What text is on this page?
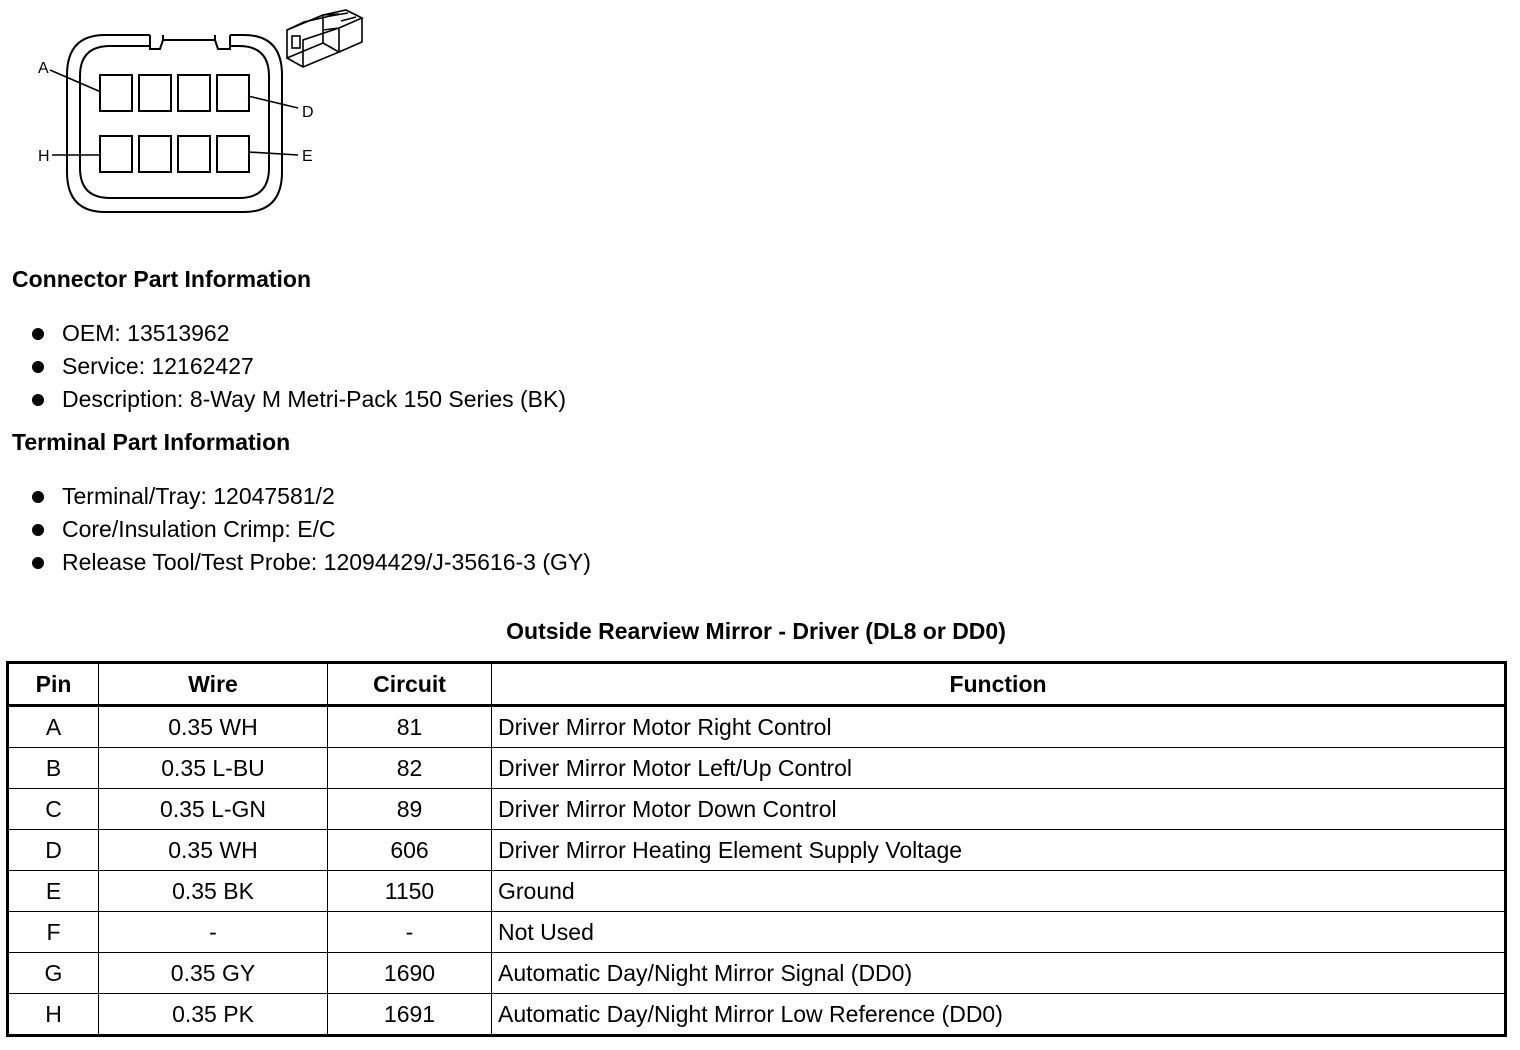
A
D
H	E
Connector Part Information
OEM: 13513962
Service: 12162427
Description: 8-Way M Metri-Pack 150 Series (BK)
Terminal Part Information
Terminal/Tray: 12047581/2
Core/Insulation Crimp: E/C
Release Tool/Test Probe: 12094429/J-35616-3 (GY)
Outside Rearview Mirror - Driver (DL8 or DD0)
Pin	Wire	Circuit	Function
A	0.35 WH	81	Driver Mirror Motor Right Control
B	0.35 L-BU	82	Driver Mirror Motor Left/Up Control
C	0.35 L-GN	89	Driver Mirror Motor Down Control
D	0.35 WH	606	Driver Mirror Heating Element Supply Voltage
E	0.35 BK	1150	Ground
F	-	-	Not Used
G	0.35 GY	1690	Automatic Day/Night Mirror Signal (DD0)
H	0.35 PK	1691	Automatic Day/Night Mirror Low Reference (DD0)
